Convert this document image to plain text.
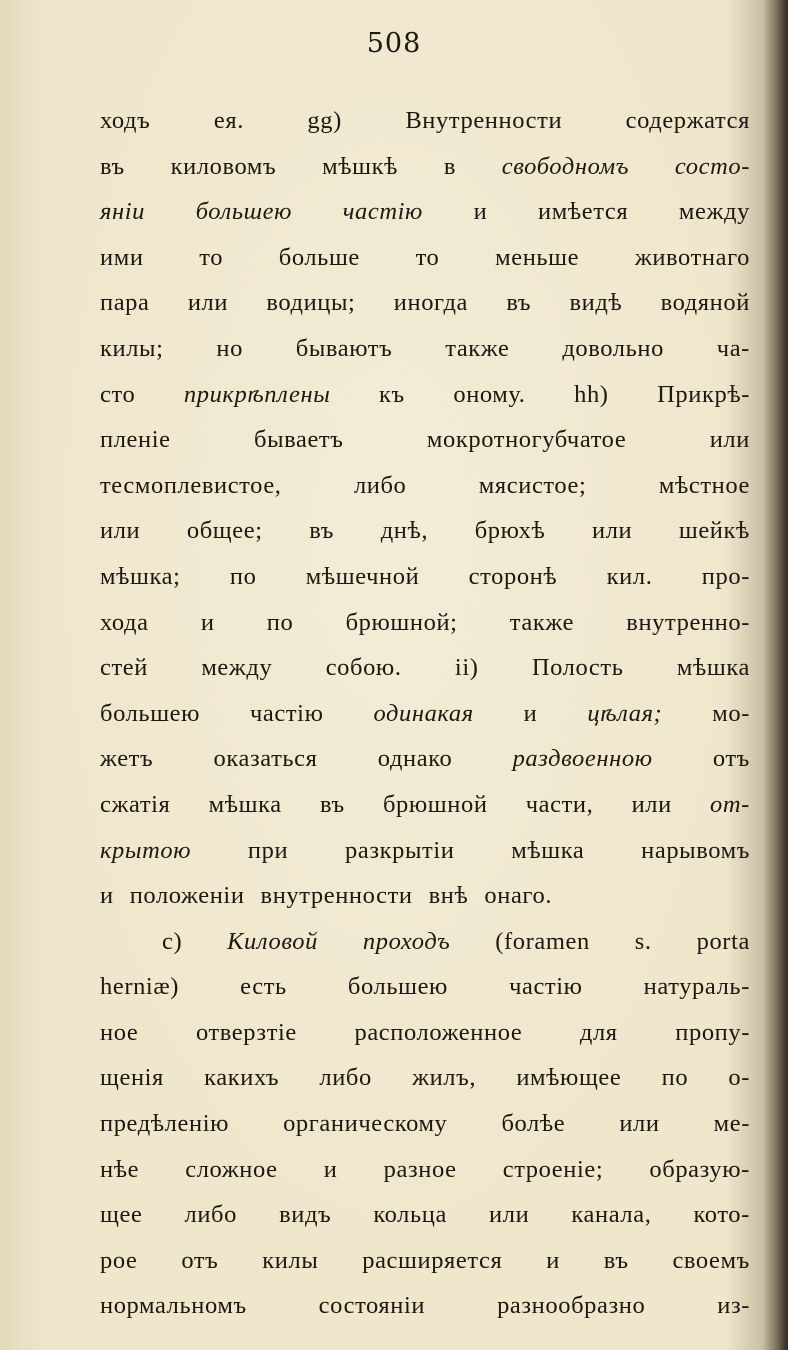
508
ходъ	ея.	gg)	Внутренности	содержатся
въ киловомъ мѣшкѣ в свободномъ состо-
яніи большею частію и имѣется между
ими то больше то меньше животнаго
пара или водицы; иногда въ видѣ водяной
килы; но бываютъ также довольно ча-
сто прикрѣплены къ оному. hh) Прикрѣ-
пленіе	бываетъ	мокротногубчатое	или
тесмоплевистое,	либо	мясистое;	мѣстное
или общее; въ днѣ, брюхѣ или шейкѣ
мѣшка; по мѣшечной сторонѣ кил. про-
хода и по брюшной; также внутренно-
стей между собою. ii) Полость мѣшка
большею частію одинакая и цѣлая; мо-
жетъ оказаться однако раздвоенною отъ
сжатія мѣшка въ брюшной части, или от-
крытою при разкрытіи мѣшка нарывомъ
и положеніи внутренности внѣ онаго.
c) Киловой проходъ (foramen s. porta
herniæ) есть большею частію натураль-
ное отверзтіе расположенное для пропу-
щенія какихъ либо жилъ, имѣющее по о-
предѣленію органическому болѣе или ме-
нѣе сложное и разное строеніе; образую-
щее либо видъ кольца или канала, кото-
рое отъ килы расширяется и въ своемъ
нормальномъ	состояніи	разнообразно	из-
